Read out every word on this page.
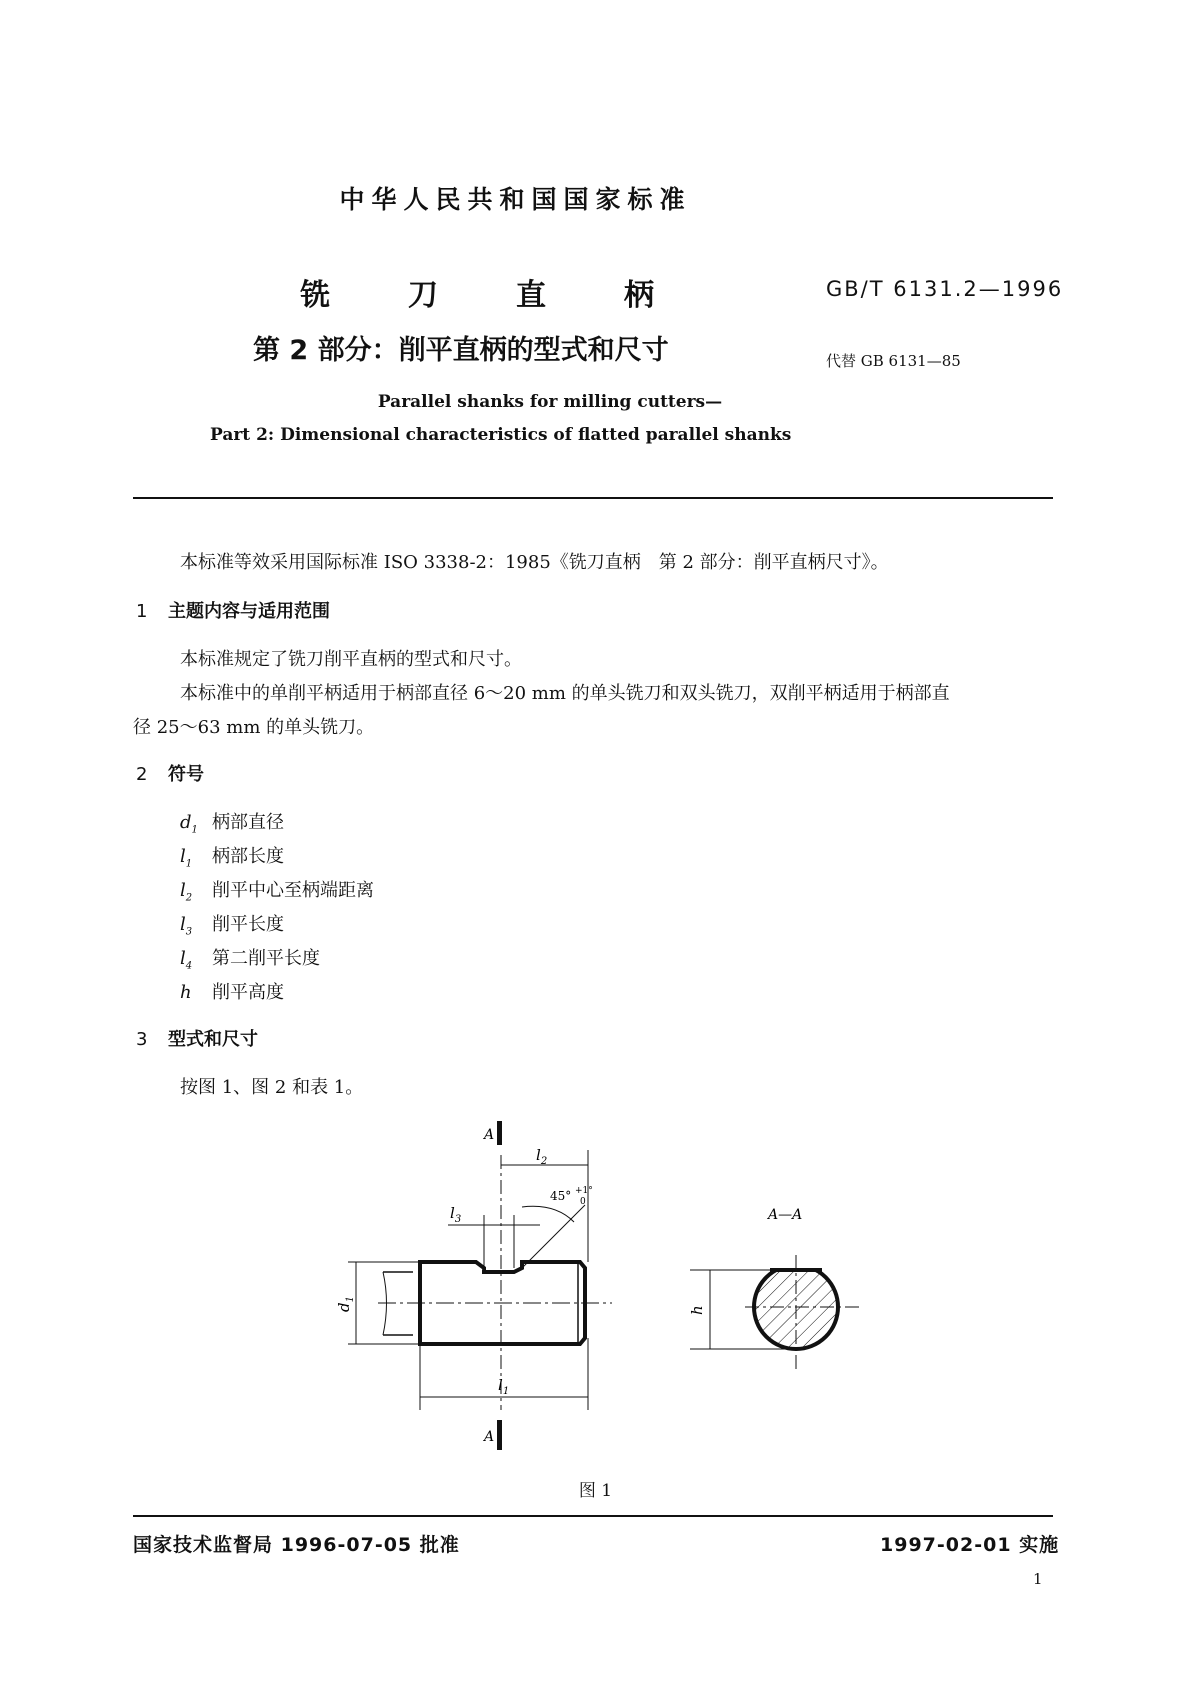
中华人民共和国国家标准
铣	刀	直	柄
第 2 部分：削平直柄的型式和尺寸
GB/T 6131.2—1996
代替 GB 6131—85
Parallel shanks for milling cutters—
Part 2: Dimensional characteristics of flatted parallel shanks
本标准等效采用国际标准 ISO 3338-2：1985《铣刀直柄　第 2 部分：削平直柄尺寸》。
1 主题内容与适用范围
本标准规定了铣刀削平直柄的型式和尺寸。
本标准中的单削平柄适用于柄部直径 6～20 mm 的单头铣刀和双头铣刀，双削平柄适用于柄部直
径 25～63 mm 的单头铣刀。
2 符号
$d_1$ 柄部直径
$l_1$ 柄部长度
$l_2$ 削平中心至柄端距离
$l_3$ 削平长度
$l_4$ 第二削平长度
h 削平高度
3 型式和尺寸
按图 1、图 2 和表 1。
A
A
$l_2$
45° +1°
0
$l_3$
$d_1$
$l_1$
A—A
h
图 1
国家技术监督局 1996-07-05 批准	1997-02-01 实施
1
